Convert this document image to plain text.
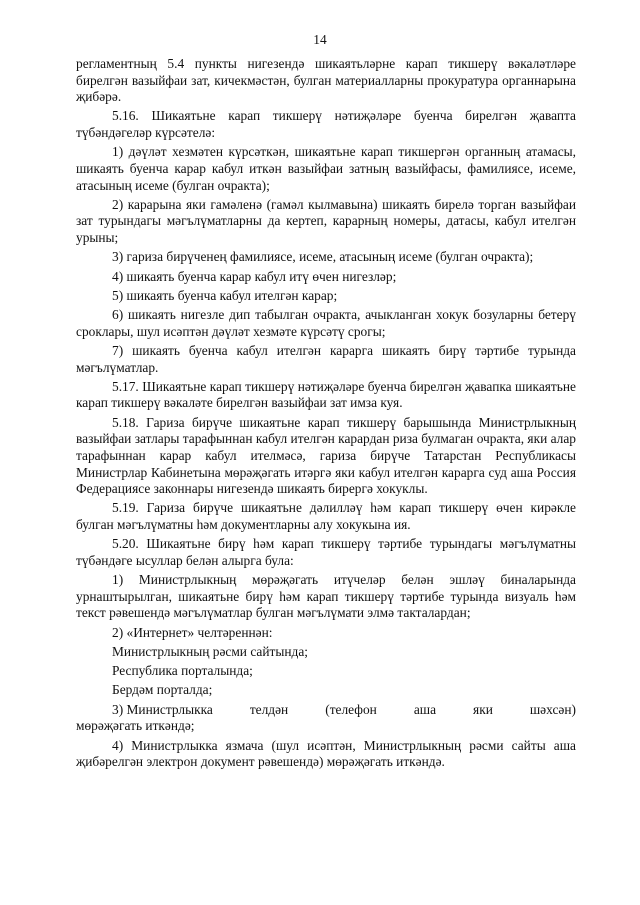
14

регламентның 5.4 пункты нигезендә шикаятьләрне карап тикшерү вәкаләтләре бирелгән вазыйфаи зат, кичекмәстән, булган материалларны прокуратура органнарына җибәрә.

5.16. Шикаятьне карап тикшерү нәтиҗәләре буенча бирелгән җавапта түбәндәгеләр күрсәтелә:

1) дәүләт хезмәтен күрсәткән, шикаятьне карап тикшергән органның атамасы, шикаять буенча карар кабул иткән вазыйфаи затның вазыйфасы, фамилиясе, исеме, атасының исеме (булган очракта);

2) карарына яки гамәленә (гамәл кылмавына) шикаять бирелә торган вазыйфаи зат турындагы мәгълүматларны да кертеп, карарның номеры, датасы, кабул ителгән урыны;

3) гариза бирүченең фамилиясе, исеме, атасының исеме (булган очракта);

4) шикаять буенча карар кабул итү өчен нигезләр;

5) шикаять буенча кабул ителгән карар;

6) шикаять нигезле дип табылган очракта, ачыкланган хокук бозуларны бетерү сроклары, шул исәптән дәүләт хезмәте күрсәтү срогы;

7) шикаять буенча кабул ителгән карарга шикаять бирү тәртибе турында мәгълүматлар.

5.17. Шикаятьне карап тикшерү нәтиҗәләре буенча бирелгән җавапка шикаятьне карап тикшерү вәкаләте бирелгән вазыйфаи зат имза куя.

5.18. Гариза бирүче шикаятьне карап тикшерү барышында Министрлыкның вазыйфаи затлары тарафыннан кабул ителгән карардан риза булмаган очракта, яки алар тарафыннан карар кабул ителмәсә, гариза бирүче Татарстан Республикасы Министрлар Кабинетына мөрәҗәгать итәргә яки кабул ителгән карарга суд аша Россия Федерациясе законнары нигезендә шикаять бирергә хокуклы.

5.19. Гариза бирүче шикаятьне дәлилләү һәм карап тикшерү өчен кирәкле булган мәгълүматны һәм документларны алу хокукына ия.

5.20. Шикаятьне бирү һәм карап тикшерү тәртибе турындагы мәгълүматны түбәндәге ысуллар белән алырга була:

1) Министрлыкның мөрәҗәгать итүчеләр белән эшләү биналарында урнаштырылган, шикаятьне бирү һәм карап тикшерү тәртибе турында визуаль һәм текст рәвешендә мәгълүматлар булган мәгълүмати элмә такталардан;

2) «Интернет» челтәреннән:

Министрлыкның рәсми сайтында;

Республика порталында;

Бердәм порталда;

3) Министрлыкка	телдән	(телефон	аша	яки	шәхсән)

мөрәҗәгать иткәндә;

4) Министрлыкка язмача (шул исәптән, Министрлыкның рәсми сайты аша җибәрелгән электрон документ рәвешендә) мөрәҗәгать иткәндә.
